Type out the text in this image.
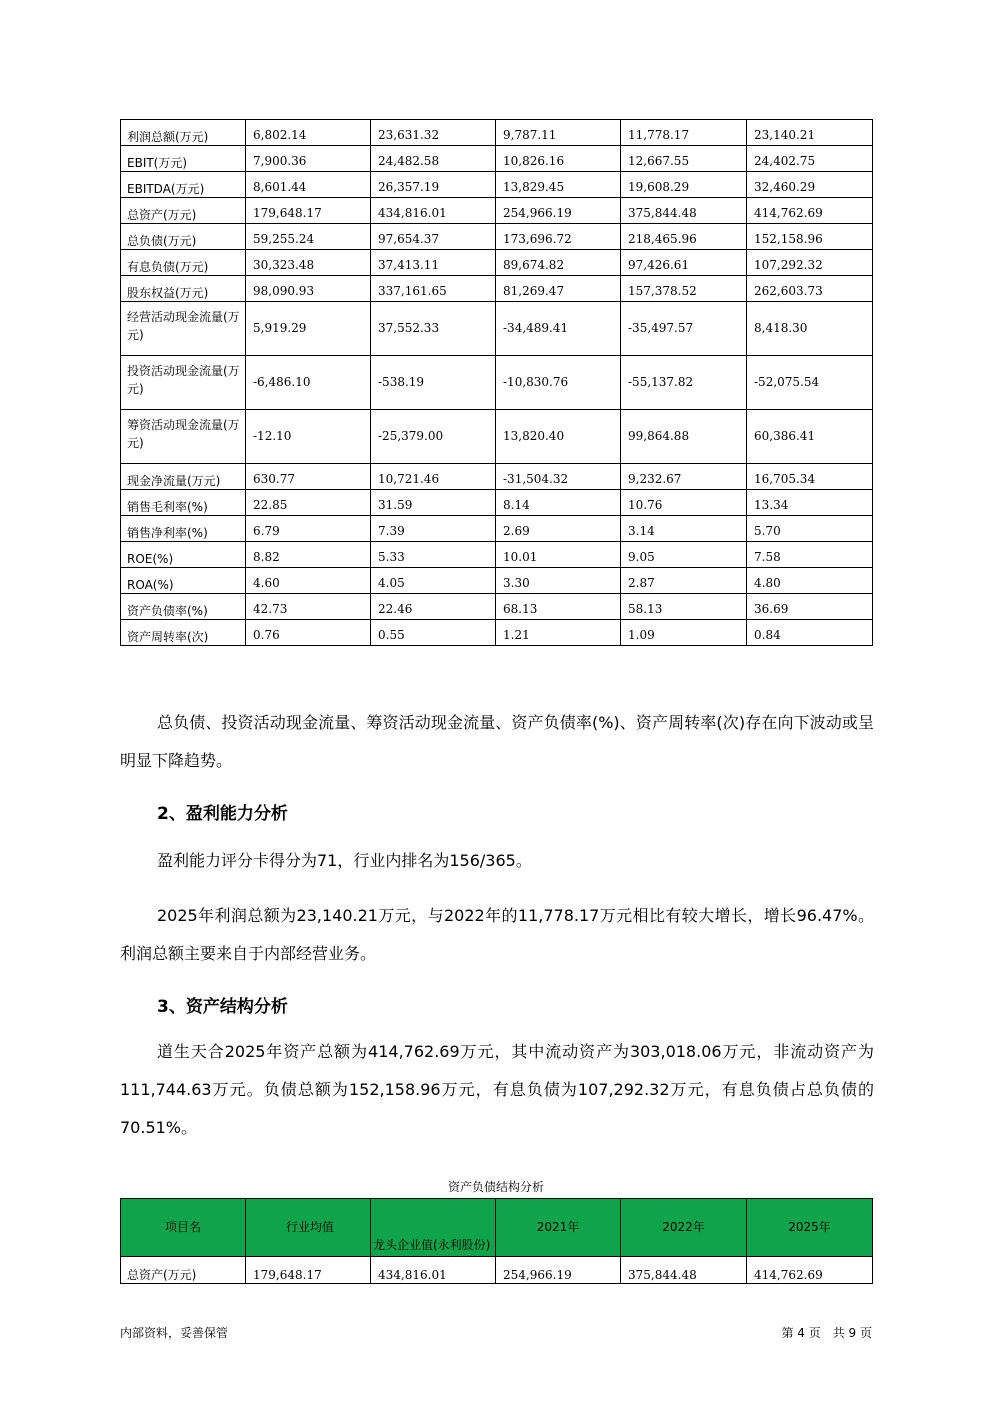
利润总额(万元)	6,802.14	23,631.32	9,787.11	11,778.17	23,140.21
EBIT(万元)	7,900.36	24,482.58	10,826.16	12,667.55	24,402.75
EBITDA(万元)	8,601.44	26,357.19	13,829.45	19,608.29	32,460.29
总资产(万元)	179,648.17	434,816.01	254,966.19	375,844.48	414,762.69
总负债(万元)	59,255.24	97,654.37	173,696.72	218,465.96	152,158.96
有息负债(万元)	30,323.48	37,413.11	89,674.82	97,426.61	107,292.32
股东权益(万元)	98,090.93	337,161.65	81,269.47	157,378.52	262,603.73
经营活动现金流量(万元)	5,919.29	37,552.33	-34,489.41	-35,497.57	8,418.30
投资活动现金流量(万元)	-6,486.10	-538.19	-10,830.76	-55,137.82	-52,075.54
筹资活动现金流量(万元)	-12.10	-25,379.00	13,820.40	99,864.88	60,386.41
现金净流量(万元)	630.77	10,721.46	-31,504.32	9,232.67	16,705.34
销售毛利率(%)	22.85	31.59	8.14	10.76	13.34
销售净利率(%)	6.79	7.39	2.69	3.14	5.70
ROE(%)	8.82	5.33	10.01	9.05	7.58
ROA(%)	4.60	4.05	3.30	2.87	4.80
资产负债率(%)	42.73	22.46	68.13	58.13	36.69
资产周转率(次)	0.76	0.55	1.21	1.09	0.84

总负债、投资活动现金流量、筹资活动现金流量、资产负债率(%)、资产周转率(次)存在向下波动或呈明显下降趋势。

2、盈利能力分析

盈利能力评分卡得分为71，行业内排名为156/365。

2025年利润总额为23,140.21万元，与2022年的11,778.17万元相比有较大增长，增长96.47%。利润总额主要来自于内部经营业务。

3、资产结构分析

道生天合2025年资产总额为414,762.69万元，其中流动资产为303,018.06万元，非流动资产为111,744.63万元。负债总额为152,158.96万元，有息负债为107,292.32万元，有息负债占总负债的70.51%。

资产负债结构分析
项目名	行业均值	龙头企业值(永利股份)	2021年	2022年	2025年
总资产(万元)	179,648.17	434,816.01	254,966.19	375,844.48	414,762.69
内部资料，妥善保管	第 4 页　共 9 页
